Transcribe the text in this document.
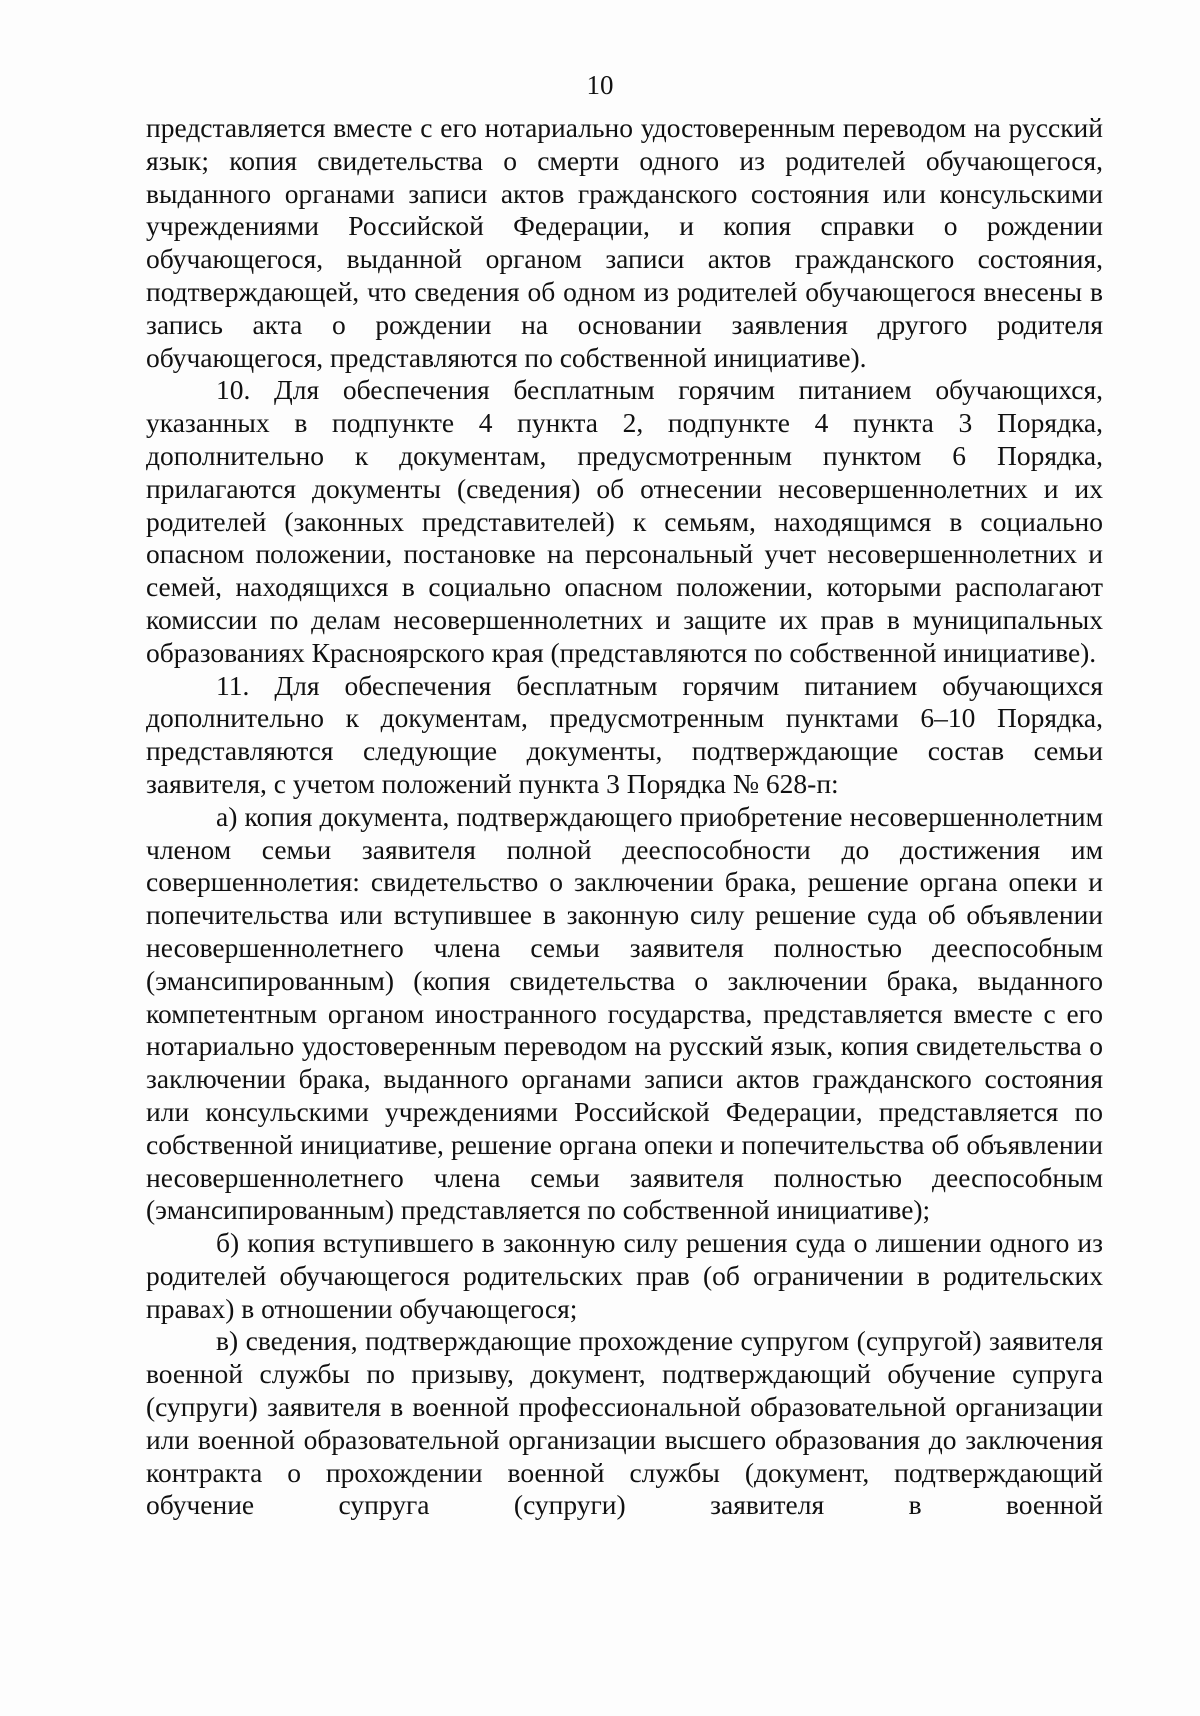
10

представляется вместе с его нотариально удостоверенным переводом на русский язык; копия свидетельства о смерти одного из родителей обучающегося, выданного органами записи актов гражданского состояния или консульскими учреждениями Российской Федерации, и копия справки о рождении обучающегося, выданной органом записи актов гражданского состояния, подтверждающей, что сведения об одном из родителей обучающегося внесены в запись акта о рождении на основании заявления другого родителя обучающегося, представляются по собственной инициативе).

10. Для обеспечения бесплатным горячим питанием обучающихся, указанных в подпункте 4 пункта 2, подпункте 4 пункта 3 Порядка, дополнительно к документам, предусмотренным пунктом 6 Порядка, прилагаются документы (сведения) об отнесении несовершеннолетних и их родителей (законных представителей) к семьям, находящимся в социально опасном положении, постановке на персональный учет несовершеннолетних и семей, находящихся в социально опасном положении, которыми располагают комиссии по делам несовершеннолетних и защите их прав в муниципальных образованиях Красноярского края (представляются по собственной инициативе).

11. Для обеспечения бесплатным горячим питанием обучающихся дополнительно к документам, предусмотренным пунктами 6–10 Порядка, представляются следующие документы, подтверждающие состав семьи заявителя, с учетом положений пункта 3 Порядка № 628-п:

а) копия документа, подтверждающего приобретение несовершеннолетним членом семьи заявителя полной дееспособности до достижения им совершеннолетия: свидетельство о заключении брака, решение органа опеки и попечительства или вступившее в законную силу решение суда об объявлении несовершеннолетнего члена семьи заявителя полностью дееспособным (эмансипированным) (копия свидетельства о заключении брака, выданного компетентным органом иностранного государства, представляется вместе с его нотариально удостоверенным переводом на русский язык, копия свидетельства о заключении брака, выданного органами записи актов гражданского состояния или консульскими учреждениями Российской Федерации, представляется по собственной инициативе, решение органа опеки и попечительства об объявлении несовершеннолетнего члена семьи заявителя полностью дееспособным (эмансипированным) представляется по собственной инициативе);

б) копия вступившего в законную силу решения суда о лишении одного из родителей обучающегося родительских прав (об ограничении в родительских правах) в отношении обучающегося;

в) сведения, подтверждающие прохождение супругом (супругой) заявителя военной службы по призыву, документ, подтверждающий обучение супруга (супруги) заявителя в военной профессиональной образовательной организации или военной образовательной организации высшего образования до заключения контракта о прохождении военной службы (документ, подтверждающий обучение супруга (супруги) заявителя в военной
